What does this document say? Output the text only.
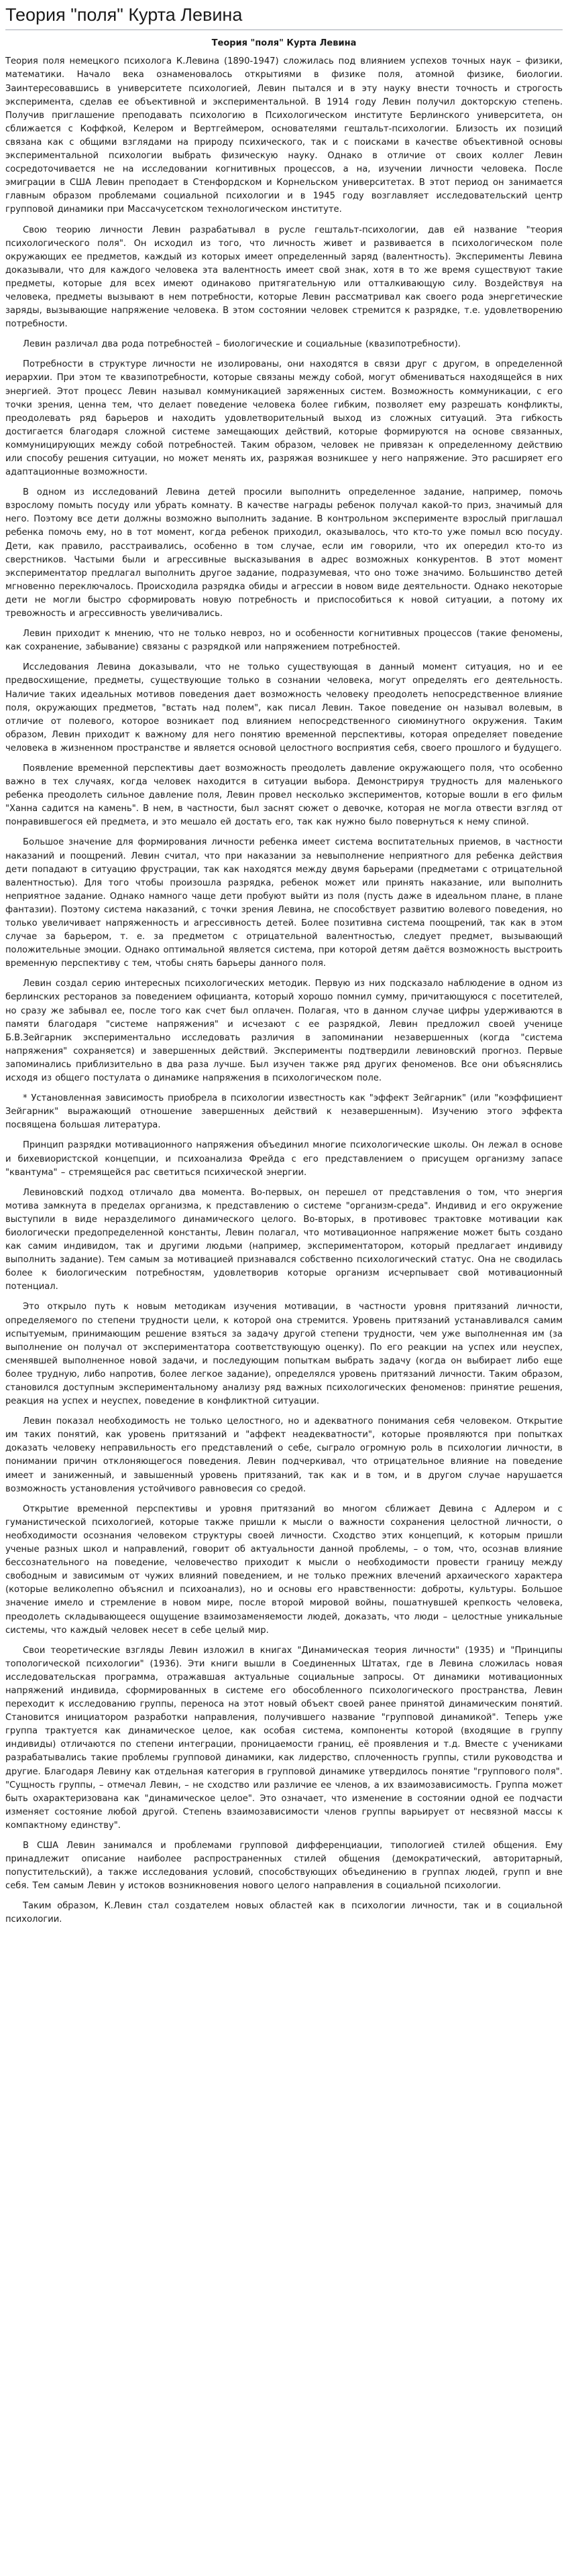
Теория "поля" Курта Левина
Теория "поля" Курта Левина

Теория поля немецкого психолога К.Левина (1890-1947) сложилась под влиянием успехов точных наук – физики, математики. Начало века ознаменовалось открытиями в физике поля, атомной физике, биологии. Заинтересовавшись в университете психологией, Левин пытался и в эту науку внести точность и строгость эксперимента, сделав ее объективной и экспериментальной. В 1914 году Левин получил докторскую степень. Получив приглашение преподавать психологию в Психологическом институте Берлинского университета, он сближается с Коффкой, Келером и Вертгеймером, основателями гештальт-психологии. Близость их позиций связана как с общими взглядами на природу психического, так и с поисками в качестве объективной основы экспериментальной психологии выбрать физическую науку. Однако в отличие от своих коллег Левин сосредоточивается не на исследовании когнитивных процессов, а на, изучении личности человека. После эмиграции в США Левин преподает в Стенфордском и Корнельском университетах. В этот период он занимается главным образом проблемами социальной психологии и в 1945 году возглавляет исследовательский центр групповой динамики при Массачусетском технологическом институте.

Свою теорию личности Левин разрабатывал в русле гештальт-психологии, дав ей название "теория психологического поля". Он исходил из того, что личность живет и развивается в психологическом поле окружающих ее предметов, каждый из которых имеет определенный заряд (валентность). Эксперименты Левина доказывали, что для каждого человека эта валентность имеет свой знак, хотя в то же время существуют такие предметы, которые для всех имеют одинаково притягательную или отталкивающую силу. Воздействуя на человека, предметы вызывают в нем потребности, которые Левин рассматривал как своего рода энергетические заряды, вызывающие напряжение человека. В этом состоянии человек стремится к разрядке, т.е. удовлетворению потребности.

Левин различал два рода потребностей – биологические и социальные (квазипотребности).

Потребности в структуре личности не изолированы, они находятся в связи друг с другом, в определенной иерархии. При этом те квазипотребности, которые связаны между собой, могут обмениваться находящейся в них энергией. Этот процесс Левин называл коммуникацией заряженных систем. Возможность коммуникации, с его точки зрения, ценна тем, что делает поведение человека более гибким, позволяет ему разрешать конфликты, преодолевать ряд барьеров и находить удовлетворительный выход из сложных ситуаций. Эта гибкость достигается благодаря сложной системе замещающих действий, которые формируются на основе связанных, коммуницирующих между собой потребностей. Таким образом, человек не привязан к определенному действию или способу решения ситуации, но может менять их, разряжая возникшее у него напряжение. Это расширяет его адаптационные возможности.

В одном из исследований Левина детей просили выполнить определенное задание, например, помочь взрослому помыть посуду или убрать комнату. В качестве награды ребенок получал какой-то приз, значимый для него. Поэтому все дети должны возможно выполнить задание. В контрольном эксперименте взрослый приглашал ребенка помочь ему, но в тот момент, когда ребенок приходил, оказывалось, что кто-то уже помыл всю посуду. Дети, как правило, расстраивались, особенно в том случае, если им говорили, что их опередил кто-то из сверстников. Частыми были и агрессивные высказывания в адрес возможных конкурентов. В этот момент экспериментатор предлагал выполнить другое задание, подразумевая, что оно тоже значимо. Большинство детей мгновенно переключалось. Происходила разрядка обиды и агрессии в новом виде деятельности. Однако некоторые дети не могли быстро сформировать новую потребность и приспособиться к новой ситуации, а потому их тревожность и агрессивность увеличивались.

Левин приходит к мнению, что не только невроз, но и особенности когнитивных процессов (такие феномены, как сохранение, забывание) связаны с разрядкой или напряжением потребностей.

Исследования Левина доказывали, что не только существующая в данный момент ситуация, но и ее предвосхищение, предметы, существующие только в сознании человека, могут определять его деятельность. Наличие таких идеальных мотивов поведения дает возможность человеку преодолеть непосредственное влияние поля, окружающих предметов, "встать над полем", как писал Левин. Такое поведение он называл волевым, в отличие от полевого, которое возникает под влиянием непосредственного сиюминутного окружения. Таким образом, Левин приходит к важному для него понятию временной перспективы, которая определяет поведение человека в жизненном пространстве и является основой целостного восприятия себя, своего прошлого и будущего.

Появление временной перспективы дает возможность преодолеть давление окружающего поля, что особенно важно в тех случаях, когда человек находится в ситуации выбора. Демонстрируя трудность для маленького ребенка преодолеть сильное давление поля, Левин провел несколько экспериментов, которые вошли в его фильм "Ханна садится на камень". В нем, в частности, был заснят сюжет о девочке, которая не могла отвести взгляд от понравившегося ей предмета, и это мешало ей достать его, так как нужно было повернуться к нему спиной.

Большое значение для формирования личности ребенка имеет система воспитательных приемов, в частности наказаний и поощрений. Левин считал, что при наказании за невыполнение неприятного для ребенка действия дети попадают в ситуацию фрустрации, так как находятся между двумя барьерами (предметами с отрицательной валентностью). Для того чтобы произошла разрядка, ребенок может или принять наказание, или выполнить неприятное задание. Однако намного чаще дети пробуют выйти из поля (пусть даже в идеальном плане, в плане фантазии). Поэтому система наказаний, с точки зрения Левина, не способствует развитию волевого поведения, но только увеличивает напряженность и агрессивность детей. Более позитивна система поощрений, так как в этом случае за барьером, т. е. за предметом с отрицательной валентностью, следует предмет, вызывающий положительные эмоции. Однако оптимальной является система, при которой детям даётся возможность выстроить временную перспективу с тем, чтобы снять барьеры данного поля.

Левин создал серию интересных психологических методик. Первую из них подсказало наблюдение в одном из берлинских ресторанов за поведением официанта, который хорошо помнил сумму, причитающуюся с посетителей, но сразу же забывал ее, после того как счет был оплачен. Полагая, что в данном случае цифры удерживаются в памяти благодаря "системе напряжения" и исчезают с ее разрядкой, Левин предложил своей ученице Б.В.Зейгарник экспериментально исследовать различия в запоминании незавершенных (когда "система напряжения" сохраняется) и завершенных действий. Эксперименты подтвердили левиновский прогноз. Первые запоминались приблизительно в два раза лучше. Был изучен также ряд других феноменов. Все они объяснялись исходя из общего постулата о динамике напряжения в психологическом поле.

* Установленная зависимость приобрела в психологии известность как "эффект Зейгарник" (или "коэффициент Зейгарник" выражающий отношение завершенных действий к незавершенным). Изучению этого эффекта посвящена большая литература.

Принцип разрядки мотивационного напряжения объединил многие психологические школы. Он лежал в основе и бихевиористской концепции, и психоанализа Фрейда с его представлением о присущем организму запасе "квантума" – стремящейся рас светиться психической энергии.

Левиновский подход отличало два момента. Во-первых, он перешел от представления о том, что энергия мотива замкнута в пределах организма, к представлению о системе "организм-среда". Индивид и его окружение выступили в виде неразделимого динамического целого. Во-вторых, в противовес трактовке мотивации как биологически предопределенной константы, Левин полагал, что мотивационное напряжение может быть создано как самим индивидом, так и другими людьми (например, экспериментатором, который предлагает индивиду выполнить задание). Тем самым за мотивацией признавался собственно психологический статус. Она не сводилась более к биологическим потребностям, удовлетворив которые организм исчерпывает свой мотивационный потенциал.

Это открыло путь к новым методикам изучения мотивации, в частности уровня притязаний личности, определяемого по степени трудности цели, к которой она стремится. Уровень притязаний устанавливался самим испытуемым, принимающим решение взяться за задачу другой степени трудности, чем уже выполненная им (за выполнение он получал от экспериментатора соответствующую оценку). По его реакции на успех или неуспех, сменявшей выполненное новой задачи, и последующим попыткам выбрать задачу (когда он выбирает либо еще более трудную, либо напротив, более легкое задание), определялся уровень притязаний личности. Таким образом, становился доступным экспериментальному анализу ряд важных психологических феноменов: принятие решения, реакция на успех и неуспех, поведение в конфликтной ситуации.

Левин показал необходимость не только целостного, но и адекватного понимания себя человеком. Открытие им таких понятий, как уровень притязаний и "аффект неадекватности", которые проявляются при попытках доказать человеку неправильность его представлений о себе, сыграло огромную роль в психологии личности, в понимании причин отклоняющегося поведения. Левин подчеркивал, что отрицательное влияние на поведение имеет и заниженный, и завышенный уровень притязаний, так как и в том, и в другом случае нарушается возможность установления устойчивого равновесия со средой.

Открытие временной перспективы и уровня притязаний во многом сближает Девина с Адлером и с гуманистической психологией, которые также пришли к мысли о важности сохранения целостной личности, о необходимости осознания человеком структуры своей личности. Сходство этих концепций, к которым пришли ученые разных школ и направлений, говорит об актуальности данной проблемы, – о том, что, осознав влияние бессознательного на поведение, человечество приходит к мысли о необходимости провести границу между свободным и зависимым от чужих влияний поведением, и не только прежних влечений архаического характера (которые великолепно объяснил и психоанализ), но и основы его нравственности: доброты, культуры. Большое значение имело и стремление в новом мире, после второй мировой войны, пошатнувшей крепкость человека, преодолеть складывающееся ощущение взаимозаменяемости людей, доказать, что люди – целостные уникальные системы, что каждый человек несет в себе целый мир.

Свои теоретические взгляды Левин изложил в книгах "Динамическая теория личности" (1935) и "Принципы топологической психологии" (1936). Эти книги вышли в Соединенных Штатах, где в Левина сложилась новая исследовательская программа, отражавшая актуальные социальные запросы. От динамики мотивационных напряжений индивида, сформированных в системе его обособленного психологического пространства, Левин переходит к исследованию группы, переноса на этот новый объект своей ранее принятой динамическим понятий. Становится инициатором разработки направления, получившего название "групповой динамикой". Теперь уже группа трактуется как динамическое целое, как особая система, компоненты которой (входящие в группу индивиды) отличаются по степени интеграции, проницаемости границ, её проявления и т.д. Вместе с учениками разрабатывались такие проблемы групповой динамики, как лидерство, сплоченность группы, стили руководства и другие. Благодаря Левину как отдельная категория в групповой динамике утвердилось понятие "группового поля". "Сущность группы, – отмечал Левин, – не сходство или различие ее членов, а их взаимозависимость. Группа может быть охарактеризована как "динамическое целое". Это означает, что изменение в состоянии одной ее подчасти изменяет состояние любой другой. Степень взаимозависимости членов группы варьирует от несвязной массы к компактному единству".

В США Левин занимался и проблемами групповой дифференциации, типологией стилей общения. Ему принадлежит описание наиболее распространенных стилей общения (демократический, авторитарный, попустительский), а также исследования условий, способствующих объединению в группах людей, групп и вне себя. Тем самым Левин у истоков возникновения нового целого направления в социальной психологии.

Таким образом, К.Левин стал создателем новых областей как в психологии личности, так и в социальной психологии.
